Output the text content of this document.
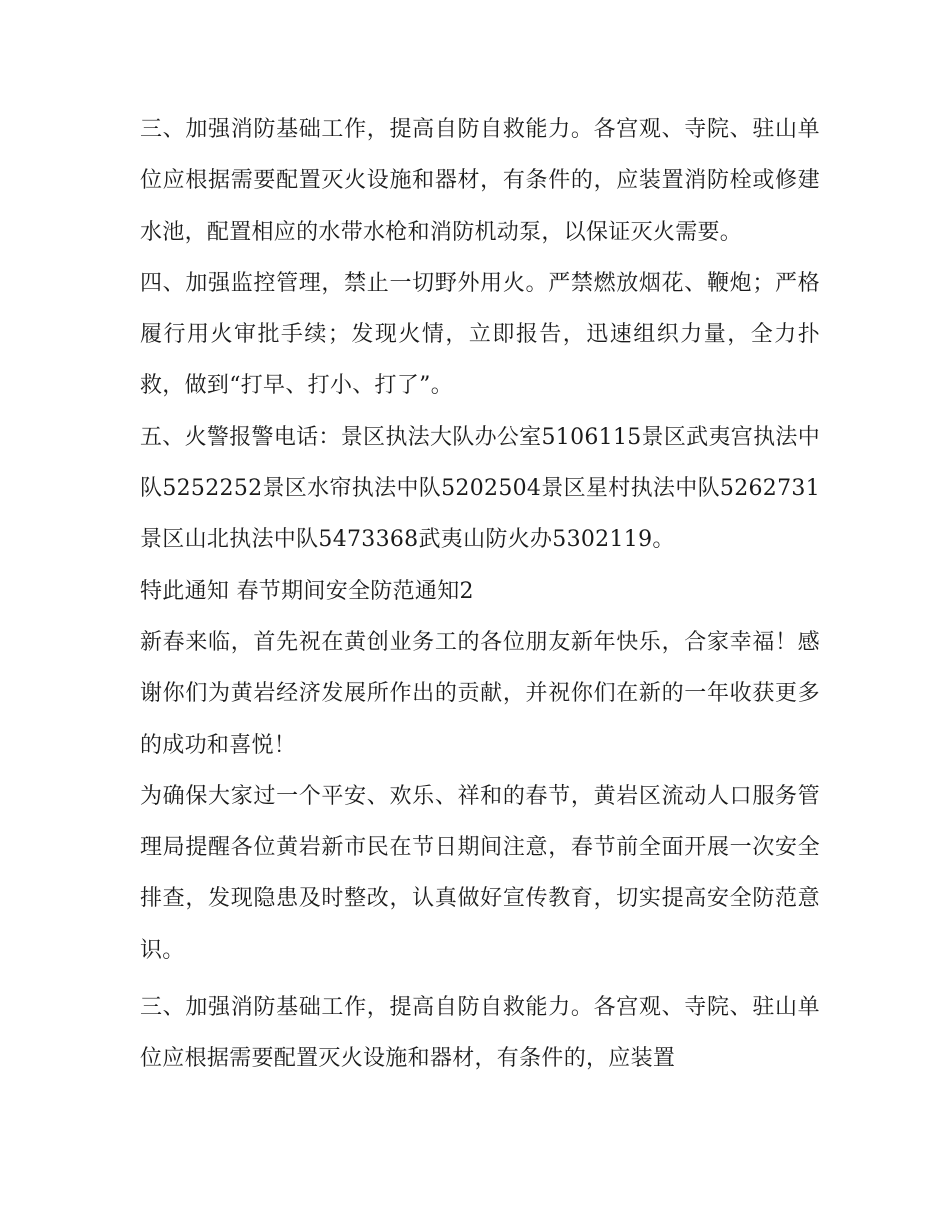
三、加强消防基础工作，提高自防自救能力。各宫观、寺院、驻山单位应根据需要配置灭火设施和器材，有条件的，应装置消防栓或修建水池，配置相应的水带水枪和消防机动泵，以保证灭火需要。

四、加强监控管理，禁止一切野外用火。严禁燃放烟花、鞭炮；严格履行用火审批手续；发现火情，立即报告，迅速组织力量，全力扑救，做到“打早、打小、打了”。

五、火警报警电话：景区执法大队办公室5106115景区武夷宫执法中队5252252景区水帘执法中队5202504景区星村执法中队5262731景区山北执法中队5473368武夷山防火办5302119。

特此通知 春节期间安全防范通知2

新春来临，首先祝在黄创业务工的各位朋友新年快乐，合家幸福！感谢你们为黄岩经济发展所作出的贡献，并祝你们在新的一年收获更多的成功和喜悦！

为确保大家过一个平安、欢乐、祥和的春节，黄岩区流动人口服务管理局提醒各位黄岩新市民在节日期间注意，春节前全面开展一次安全排查，发现隐患及时整改，认真做好宣传教育，切实提高安全防范意识。

三、加强消防基础工作，提高自防自救能力。各宫观、寺院、驻山单位应根据需要配置灭火设施和器材，有条件的，应装置
